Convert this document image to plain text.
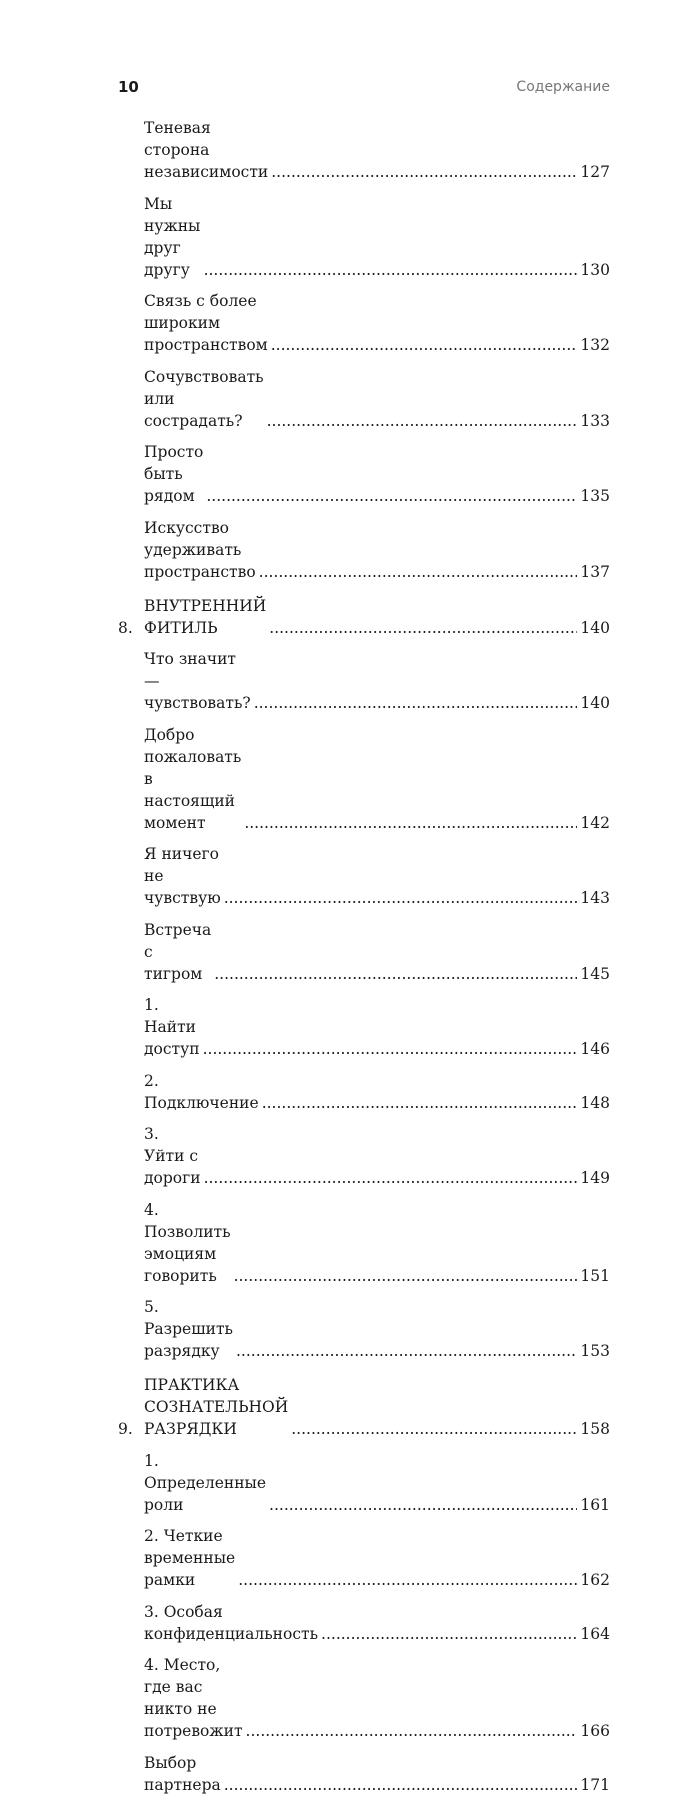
10	Содержание
Теневая сторона независимости .....	127
Мы нужны друг другу .....	130
Связь с более широким
пространством .....	132
Сочувствовать или сострадать? .....	133
Просто быть рядом .....	135
Искусство удерживать пространство .....	137
8.
ВНУТРЕННИЙ ФИТИЛЬ .....	140
Что значит — чувствовать? .....	140
Добро пожаловать
в настоящий момент .....	142
Я ничего не чувствую .....	143
Встреча с тигром .....	145
1. Найти доступ .....	146
2. Подключение .....	148
3. Уйти с дороги .....	149
4. Позволить эмоциям говорить .....	151
5. Разрешить разрядку .....	153
9.
ПРАКТИКА СОЗНАТЕЛЬНОЙ РАЗРЯДКИ .....	158
1. Определенные роли .....	161
2. Четкие временные рамки .....	162
3. Особая конфиденциальность .....	164
4. Место, где вас
никто не потревожит .....	166
Выбор партнера .....	171
